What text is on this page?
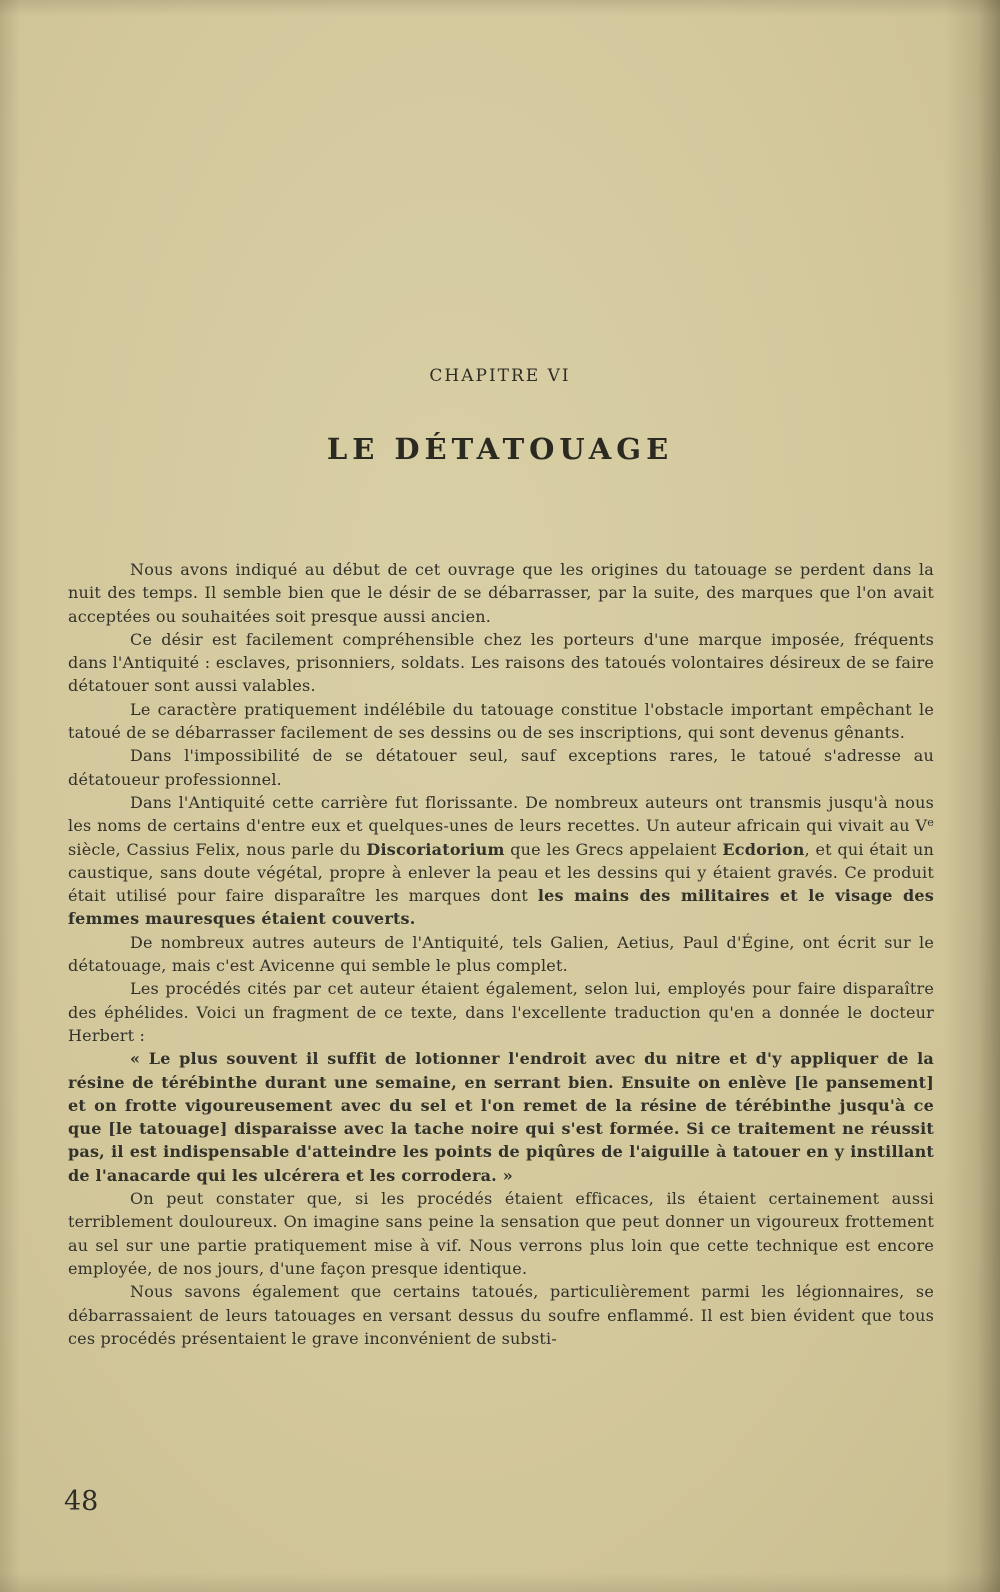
CHAPITRE VI
LE DÉTATOUAGE

Nous avons indiqué au début de cet ouvrage que les origines du tatouage se perdent dans la nuit des temps. Il semble bien que le désir de se débarrasser, par la suite, des marques que l'on avait acceptées ou souhaitées soit presque aussi ancien.

Ce désir est facilement compréhensible chez les porteurs d'une marque imposée, fréquents dans l'Antiquité : esclaves, prisonniers, soldats. Les raisons des tatoués volontaires désireux de se faire détatouer sont aussi valables.

Le caractère pratiquement indélébile du tatouage constitue l'obstacle important empêchant le tatoué de se débarrasser facilement de ses dessins ou de ses inscriptions, qui sont devenus gênants.

Dans l'impossibilité de se détatouer seul, sauf exceptions rares, le tatoué s'adresse au détatoueur professionnel.

Dans l'Antiquité cette carrière fut florissante. De nombreux auteurs ont transmis jusqu'à nous les noms de certains d'entre eux et quelques-unes de leurs recettes. Un auteur africain qui vivait au Ve siècle, Cassius Felix, nous parle du Discoriatorium que les Grecs appelaient Ecdorion, et qui était un caustique, sans doute végétal, propre à enlever la peau et les dessins qui y étaient gravés. Ce produit était utilisé pour faire disparaître les marques dont les mains des militaires et le visage des femmes mauresques étaient couverts.

De nombreux autres auteurs de l'Antiquité, tels Galien, Aetius, Paul d'Égine, ont écrit sur le détatouage, mais c'est Avicenne qui semble le plus complet.

Les procédés cités par cet auteur étaient également, selon lui, employés pour faire disparaître des éphélides. Voici un fragment de ce texte, dans l'excellente traduction qu'en a donnée le docteur Herbert :

« Le plus souvent il suffit de lotionner l'endroit avec du nitre et d'y appliquer de la résine de térébinthe durant une semaine, en serrant bien. Ensuite on enlève [le pansement] et on frotte vigoureusement avec du sel et l'on remet de la résine de térébinthe jusqu'à ce que [le tatouage] disparaisse avec la tache noire qui s'est formée. Si ce traitement ne réussit pas, il est indispensable d'atteindre les points de piqûres de l'aiguille à tatouer en y instillant de l'anacarde qui les ulcérera et les corrodera. »

On peut constater que, si les procédés étaient efficaces, ils étaient certainement aussi terriblement douloureux. On imagine sans peine la sensation que peut donner un vigoureux frottement au sel sur une partie pratiquement mise à vif. Nous verrons plus loin que cette technique est encore employée, de nos jours, d'une façon presque identique.

Nous savons également que certains tatoués, particulièrement parmi les légionnaires, se débarrassaient de leurs tatouages en versant dessus du soufre enflammé. Il est bien évident que tous ces procédés présentaient le grave inconvénient de substi-

48
